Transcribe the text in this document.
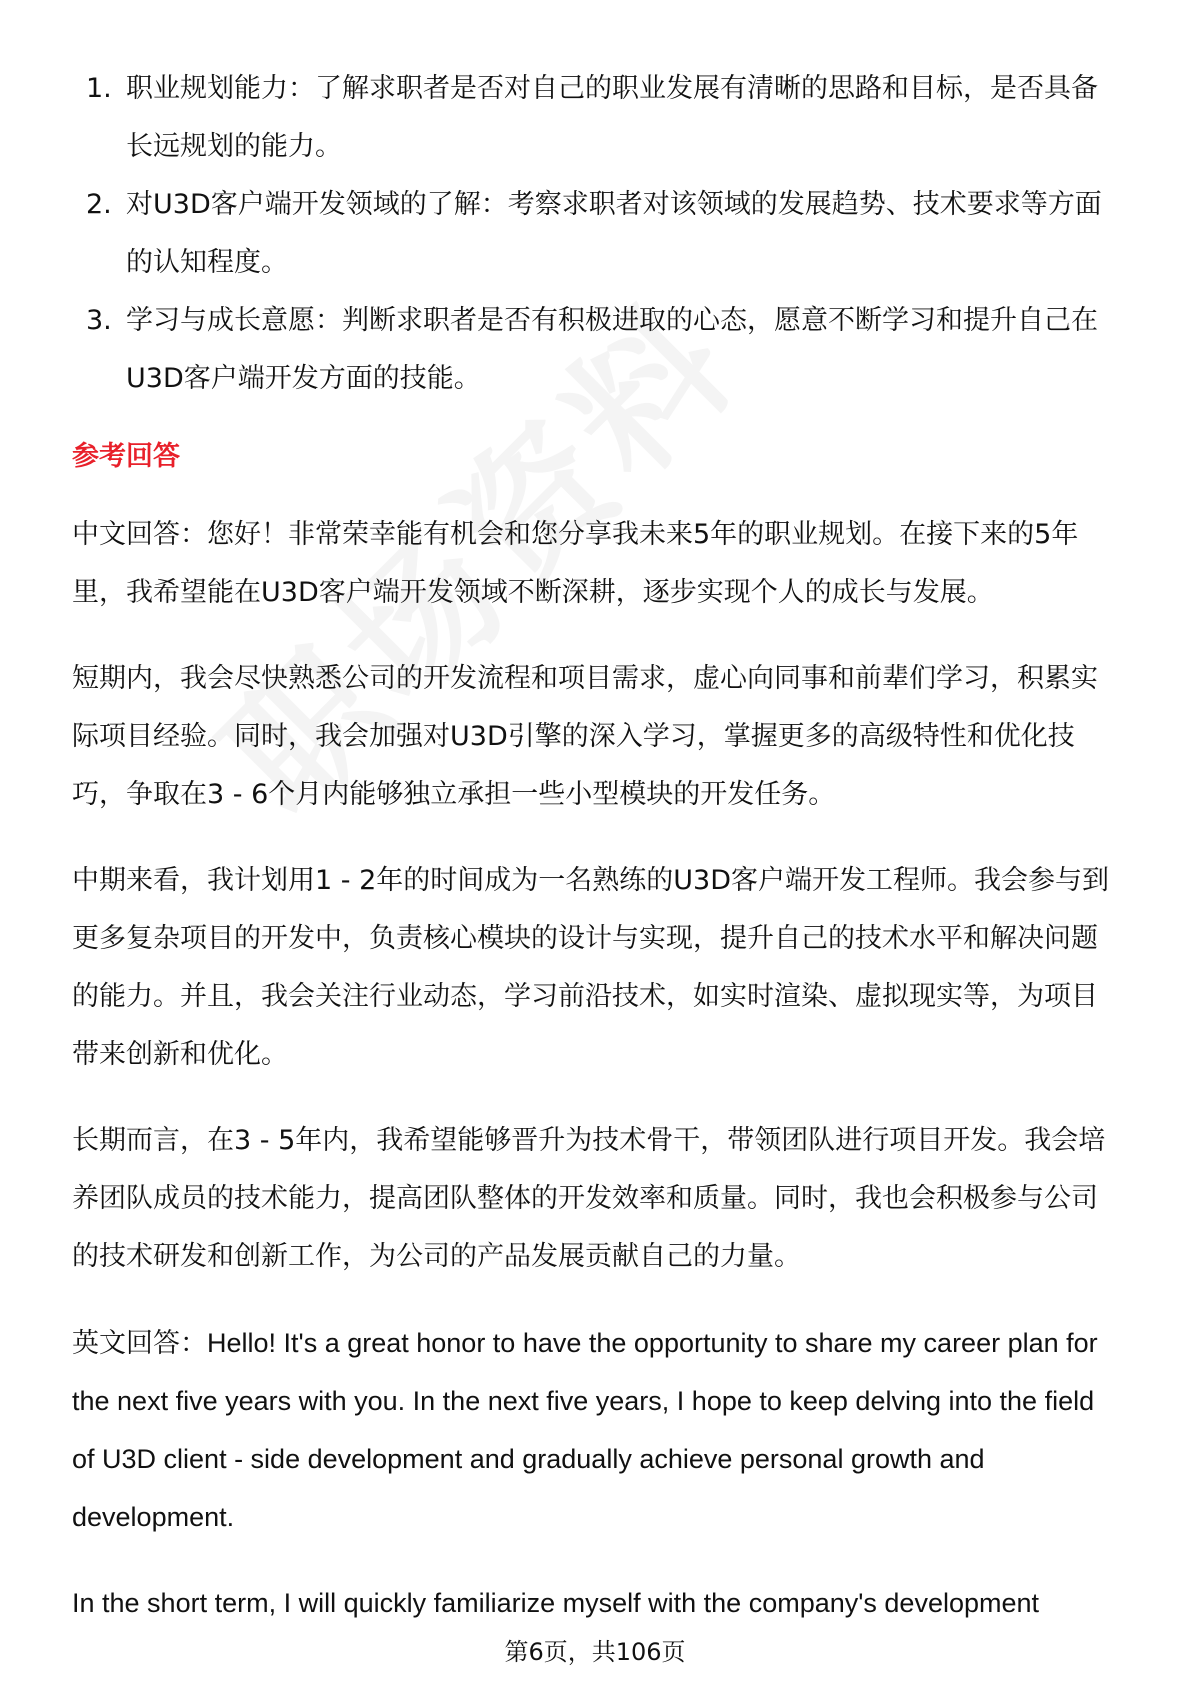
1. 职业规划能力：了解求职者是否对自己的职业发展有清晰的思路和目标，是否具备长远规划的能力。
2. 对U3D客户端开发领域的了解：考察求职者对该领域的发展趋势、技术要求等方面的认知程度。
3. 学习与成长意愿：判断求职者是否有积极进取的心态，愿意不断学习和提升自己在U3D客户端开发方面的技能。
参考回答

中文回答：您好！非常荣幸能有机会和您分享我未来5年的职业规划。在接下来的5年里，我希望能在U3D客户端开发领域不断深耕，逐步实现个人的成长与发展。

短期内，我会尽快熟悉公司的开发流程和项目需求，虚心向同事和前辈们学习，积累实际项目经验。同时，我会加强对U3D引擎的深入学习，掌握更多的高级特性和优化技巧，争取在3 - 6个月内能够独立承担一些小型模块的开发任务。

中期来看，我计划用1 - 2年的时间成为一名熟练的U3D客户端开发工程师。我会参与到更多复杂项目的开发中，负责核心模块的设计与实现，提升自己的技术水平和解决问题的能力。并且，我会关注行业动态，学习前沿技术，如实时渲染、虚拟现实等，为项目带来创新和优化。

长期而言，在3 - 5年内，我希望能够晋升为技术骨干，带领团队进行项目开发。我会培养团队成员的技术能力，提高团队整体的开发效率和质量。同时，我也会积极参与公司的技术研发和创新工作，为公司的产品发展贡献自己的力量。

英文回答：Hello! It's a great honor to have the opportunity to share my career plan for the next five years with you. In the next five years, I hope to keep delving into the field of U3D client - side development and gradually achieve personal growth and development.

In the short term, I will quickly familiarize myself with the company's development

第6页，共106页
